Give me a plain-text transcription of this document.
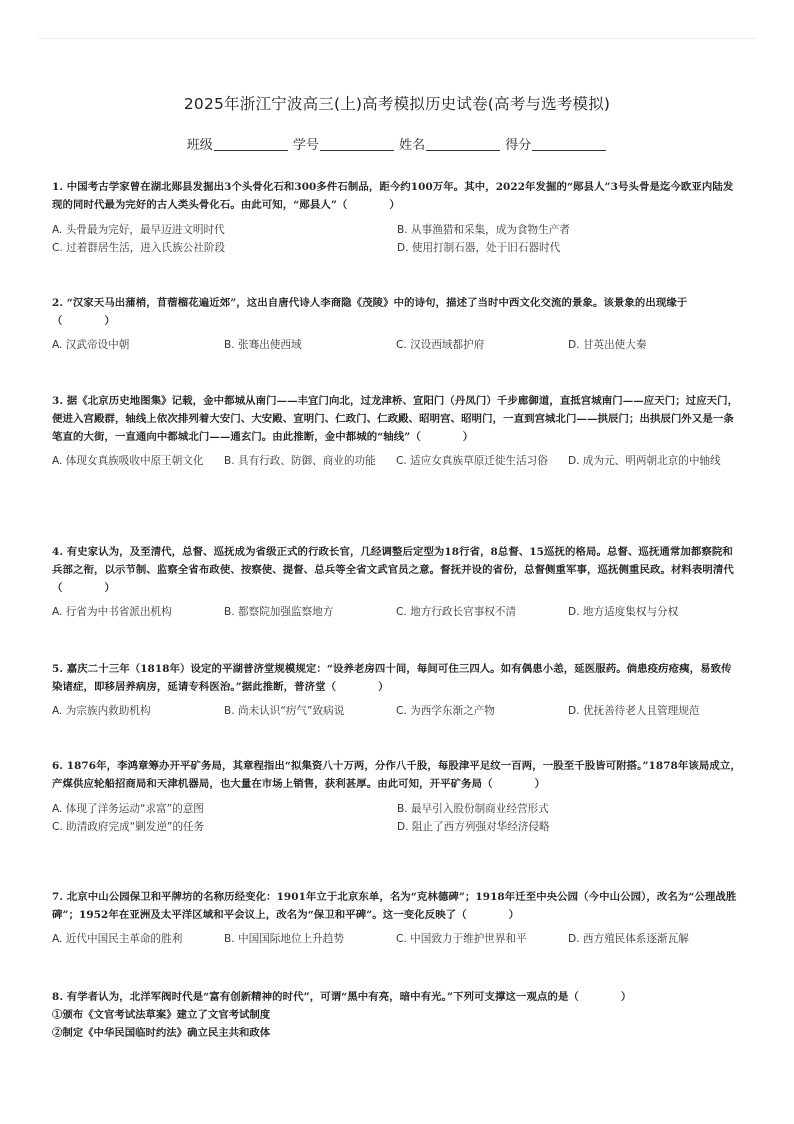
2025年浙江宁波高三(上)高考模拟历史试卷(高考与选考模拟)
班级	学号	姓名	得分
1. 中国考古学家曾在湖北郧县发掘出3个头骨化石和300多件石制品，距今约100万年。其中，2022年发掘的“郧县人”3号头骨是迄今欧亚内陆发现的同时代最为完好的古人类头骨化石。由此可知，“郧县人”（　　　　）
A. 头骨最为完好，最早迈进文明时代	B. 从事渔猎和采集，成为食物生产者
C. 过着群居生活，进入氏族公社阶段	D. 使用打制石器，处于旧石器时代
2. “汉家天马出蒲梢，苜蓿榴花遍近郊”，这出自唐代诗人李商隐《茂陵》中的诗句，描述了当时中西文化交流的景象。该景象的出现缘于（　　　　）
A. 汉武帝设中朝	B. 张骞出使西域	C. 汉设西域都护府	D. 甘英出使大秦
3. 据《北京历史地图集》记载，金中都城从南门——丰宜门向北，过龙津桥、宣阳门（丹凤门）千步廊御道，直抵宫城南门——应天门；过应天门，便进入宫殿群，轴线上依次排列着大安门、大安殿、宣明门、仁政门、仁政殿、昭明宫、昭明门，一直到宫城北门——拱辰门；出拱辰门外又是一条笔直的大街，一直通向中都城北门——通玄门。由此推断，金中都城的“轴线”（　　　　）
A. 体现女真族吸收中原王朝文化	B. 具有行政、防御、商业的功能	C. 适应女真族草原迁徙生活习俗	D. 成为元、明两朝北京的中轴线
4. 有史家认为，及至清代，总督、巡抚成为省级正式的行政长官，几经调整后定型为18行省，8总督、15巡抚的格局。总督、巡抚通常加都察院和兵部之衔，以示节制、监察全省布政使、按察使、提督、总兵等全省文武官员之意。督抚并设的省份，总督侧重军事，巡抚侧重民政。材料表明清代（　　　　）
A. 行省为中书省派出机构	B. 都察院加强监察地方	C. 地方行政长官事权不清	D. 地方适度集权与分权
5. 嘉庆二十三年（1818年）设定的平湖普济堂规模规定：“设养老房四十间，每间可住三四人。如有偶患小恙，延医服药。倘患疫疠疮痍，易致传染诸症，即移居养病房，延请专科医治。”据此推断，普济堂（　　　　）
A. 为宗族内救助机构	B. 尚未认识“疠气”致病说	C. 为西学东渐之产物	D. 优抚善待老人且管理规范
6. 1876年，李鸿章筹办开平矿务局，其章程指出“拟集资八十万两，分作八千股，每股津平足纹一百两，一股至千股皆可附搭。”1878年该局成立，产煤供应轮船招商局和天津机器局，也大量在市场上销售，获利甚厚。由此可知，开平矿务局（　　　　）
A. 体现了洋务运动“求富”的意图	B. 最早引入股份制商业经营形式
C. 助清政府完成“剿发逆”的任务	D. 阻止了西方列强对华经济侵略
7. 北京中山公园保卫和平牌坊的名称历经变化：1901年立于北京东单，名为“克林德碑”；1918年迁至中央公园（今中山公园），改名为“公理战胜碑”；1952年在亚洲及太平洋区域和平会议上，改名为“保卫和平碑”。这一变化反映了（　　　　）
A. 近代中国民主革命的胜利	B. 中国国际地位上升趋势	C. 中国致力于维护世界和平	D. 西方殖民体系逐渐瓦解
8. 有学者认为，北洋军阀时代是“富有创新精神的时代”，可谓“黑中有亮，暗中有光。”下列可支撑这一观点的是（　　　　）
①颁布《文官考试法草案》建立了文官考试制度
②制定《中华民国临时约法》确立民主共和政体
